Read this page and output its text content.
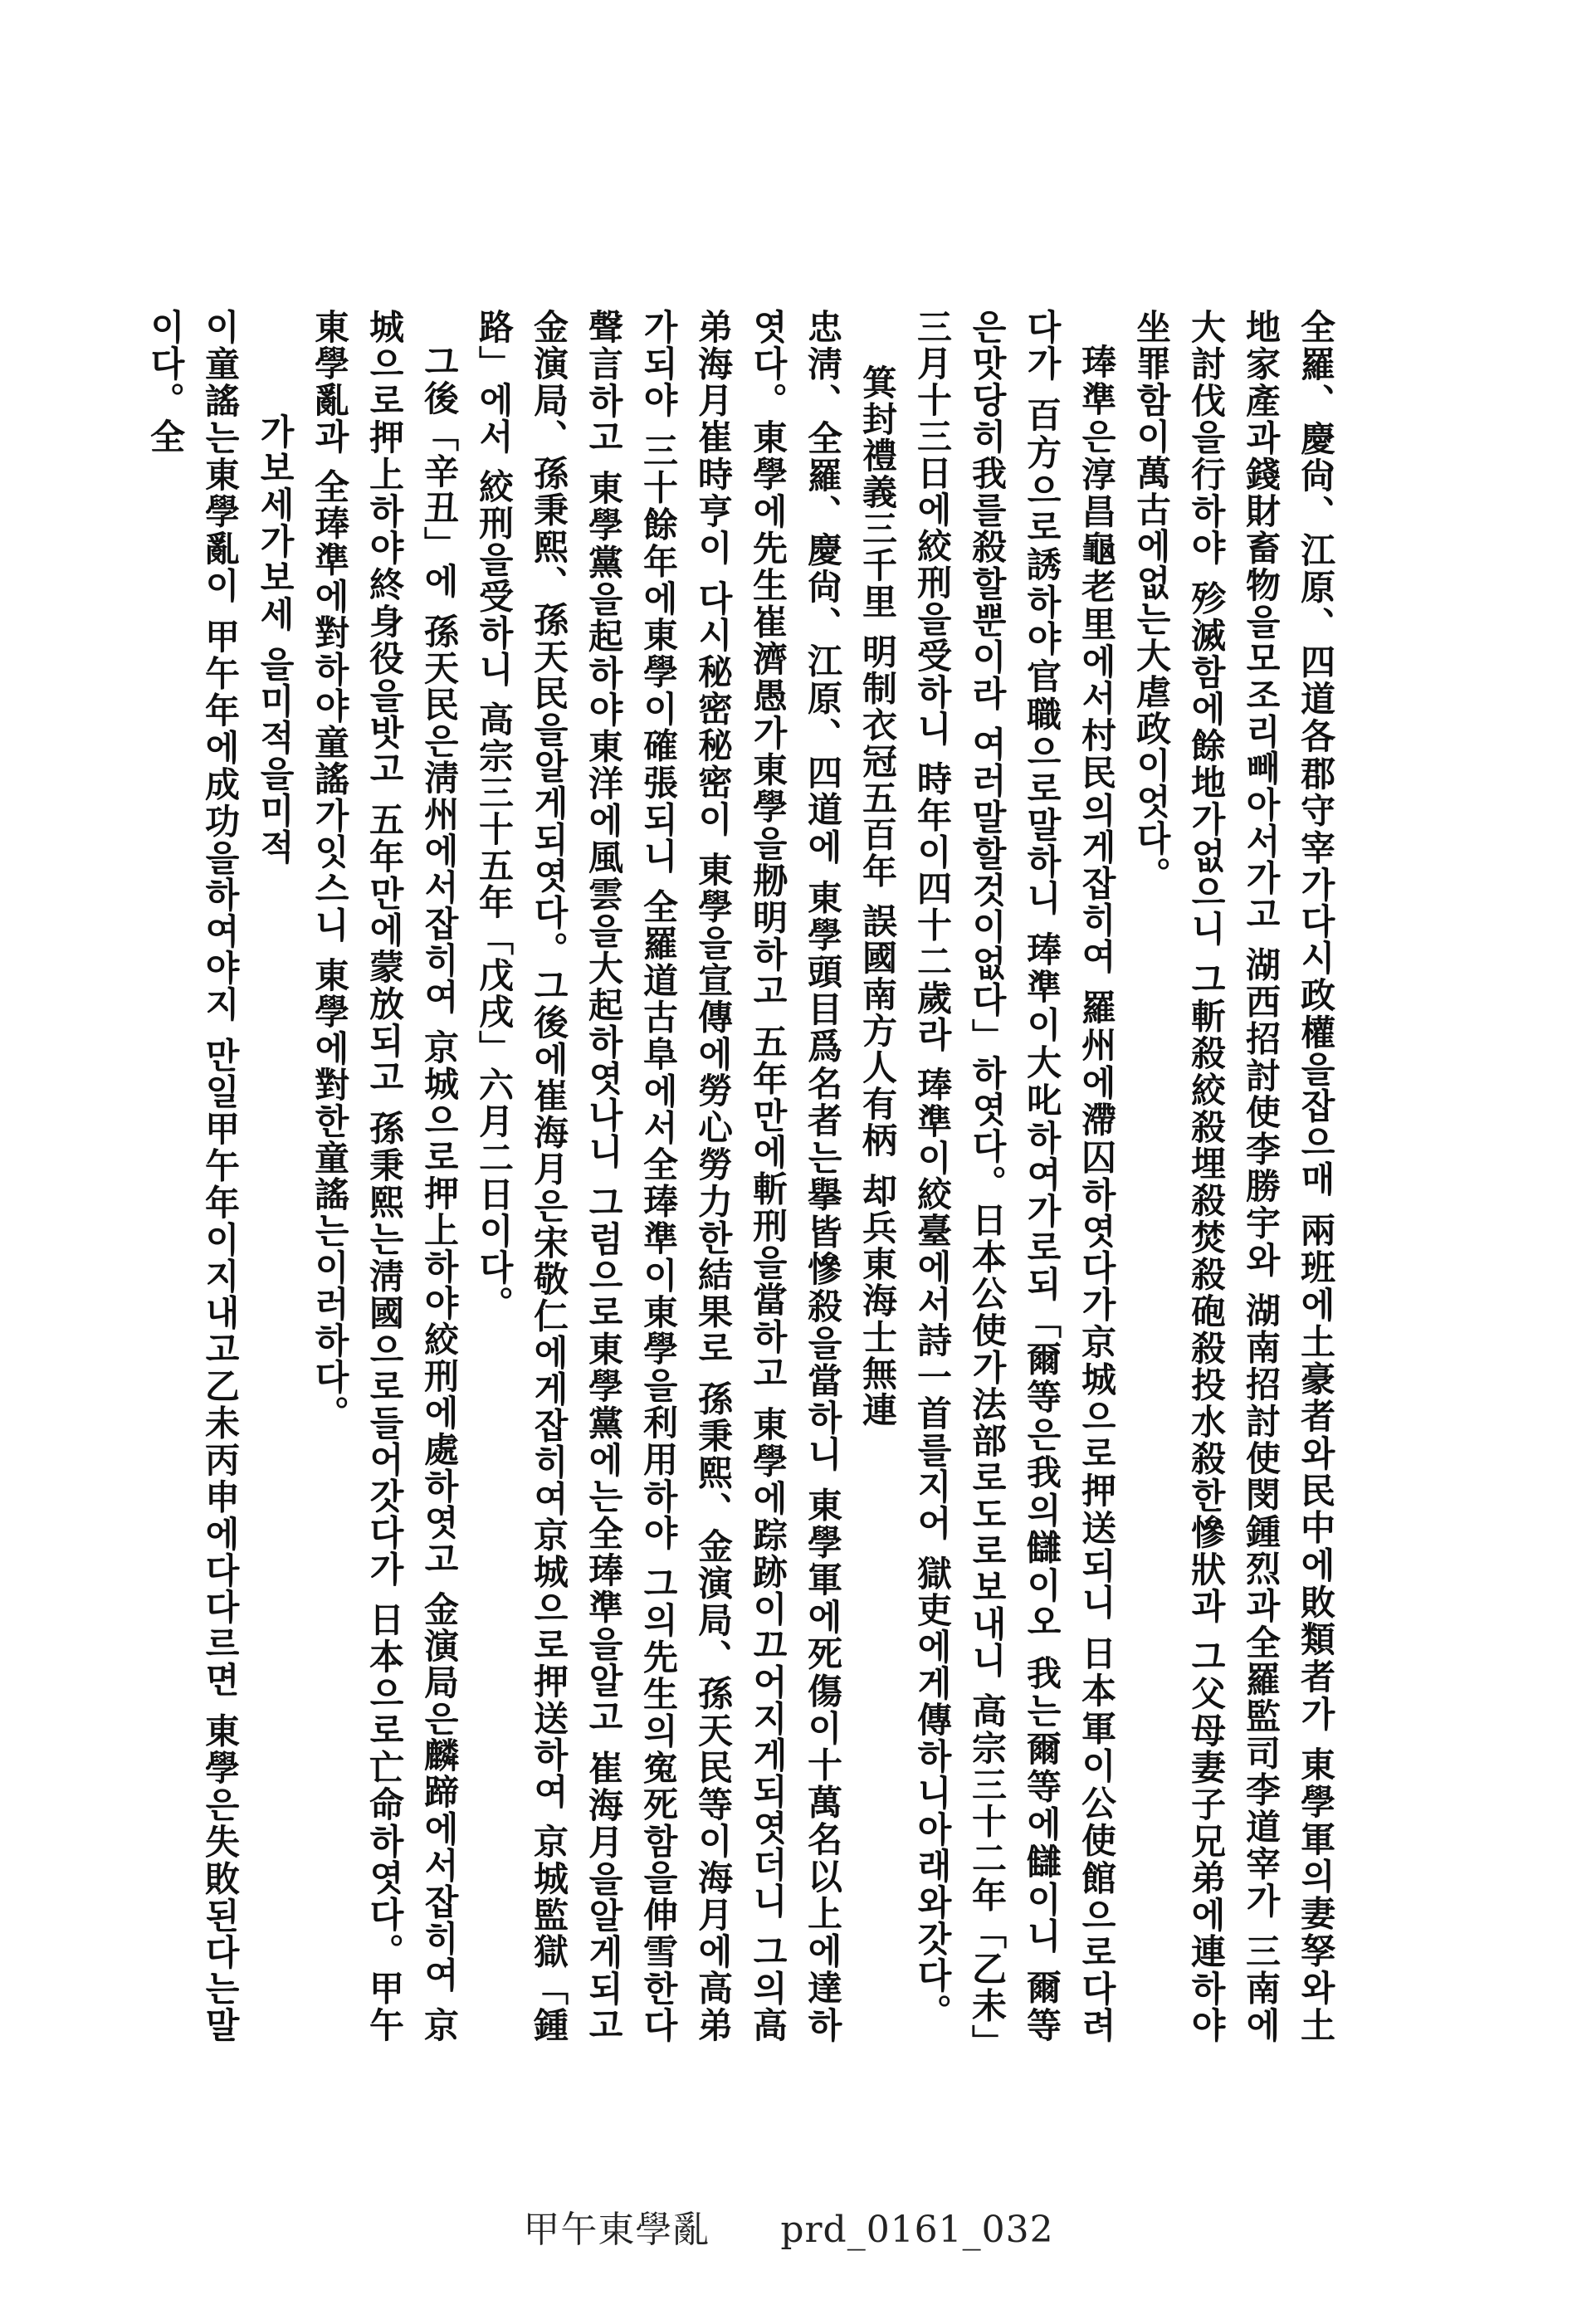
全羅、慶尙、江原、四道各郡守宰가다시政權을잡으매 兩班에土豪者와民中에敗類者가 東學軍의妻孥와土地家產과錢財畜物을모조리빼아서가고 湖西招討使李勝宇와 湖南招討使閔鍾烈과全羅監司李道宰가 三南에大討伐을行하야 殄滅함에餘地가없으니 그斬殺絞殺埋殺焚殺砲殺投水殺한慘狀과 그父母妻子兄弟에連하야 坐罪함이萬古에없는大虐政이엇다。

琫準은淳昌龜老里에서村民의게잡히여 羅州에滯囚하엿다가京城으로押送되니 日本軍이公使館으로다려다가 百方으로誘하야官職으로말하니 琫準이大叱하여가로되「爾等은我의讎이오 我는爾等에讎이니 爾等은맛당히我를殺할뿐이라 여러말할것이없다」하엿다。日本公使가法部로도로보내니 高宗三十二年「乙未」三月十三日에絞刑을受하니 時年이四十二歲라 琫準이絞臺에서詩一首를지어 獄吏에게傳하니아래와갓다。

箕封禮義三千里 明制衣冠五百年 誤國南方人有柄 却兵東海士無連

忠淸、全羅、慶尙、江原、四道에 東學頭目爲名者는擧皆慘殺을當하니 東學軍에死傷이十萬名以上에達하엿다。東學에先生崔濟愚가東學을刱明하고 五年만에斬刑을當하고 東學에踪跡이끄어지게되엿더니 그의高弟海月崔時亨이 다시秘密秘密이 東學을宣傳에勞心勞力한結果로 孫秉熙、金演局、孫天民等이海月에高弟가되야 三十餘年에東學이確張되니 全羅道古阜에서全琫準이東學을利用하야 그의先生의寃死함을伸雪한다聲言하고 東學黨을起하야東洋에風雲을大起하엿나니 그럼으로東學黨에는全琫準을알고 崔海月을알게되고 金演局、孫秉熙、孫天民을알게되엿다。그後에崔海月은宋敬仁에게잡히여京城으로押送하여 京城監獄「鍾路」에서 絞刑을受하니 高宗三十五年「戊戌」六月二日이다。

그後「辛丑」에 孫天民은淸州에서잡히여 京城으로押上하야絞刑에處하엿고 金演局은麟蹄에서잡히여 京城으로押上하야終身役을밧고 五年만에蒙放되고 孫秉熙는淸國으로들어갓다가 日本으로亡命하엿다。甲午東學亂과 全琫準에對하야童謠가잇스니 東學에對한童謠는이러하다。

가보세가보세 을미적을미적

이童謠는東學亂이 甲午年에成功을하여야지 만일甲午年이지내고乙未丙申에다다르면 東學은失敗된다는말이다。全

甲午東學亂 prd_0161_032
